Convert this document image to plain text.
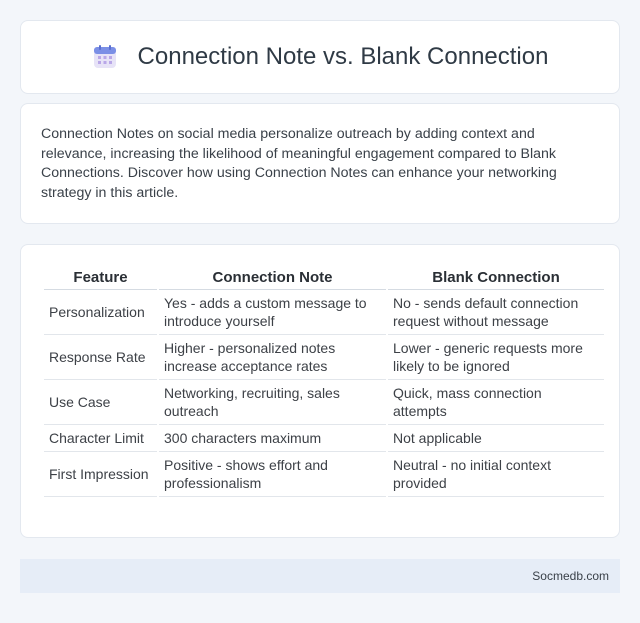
Connection Note vs. Blank Connection

Connection Notes on social media personalize outreach by adding context and relevance, increasing the likelihood of meaningful engagement compared to Blank Connections. Discover how using Connection Notes can enhance your networking strategy in this article.

Feature	Connection Note	Blank Connection
Personalization	Yes - adds a custom message to introduce yourself	No - sends default connection request without message
Response Rate	Higher - personalized notes increase acceptance rates	Lower - generic requests more likely to be ignored
Use Case	Networking, recruiting, sales outreach	Quick, mass connection attempts
Character Limit	300 characters maximum	Not applicable
First Impression	Positive - shows effort and professionalism	Neutral - no initial context provided
Socmedb.com
